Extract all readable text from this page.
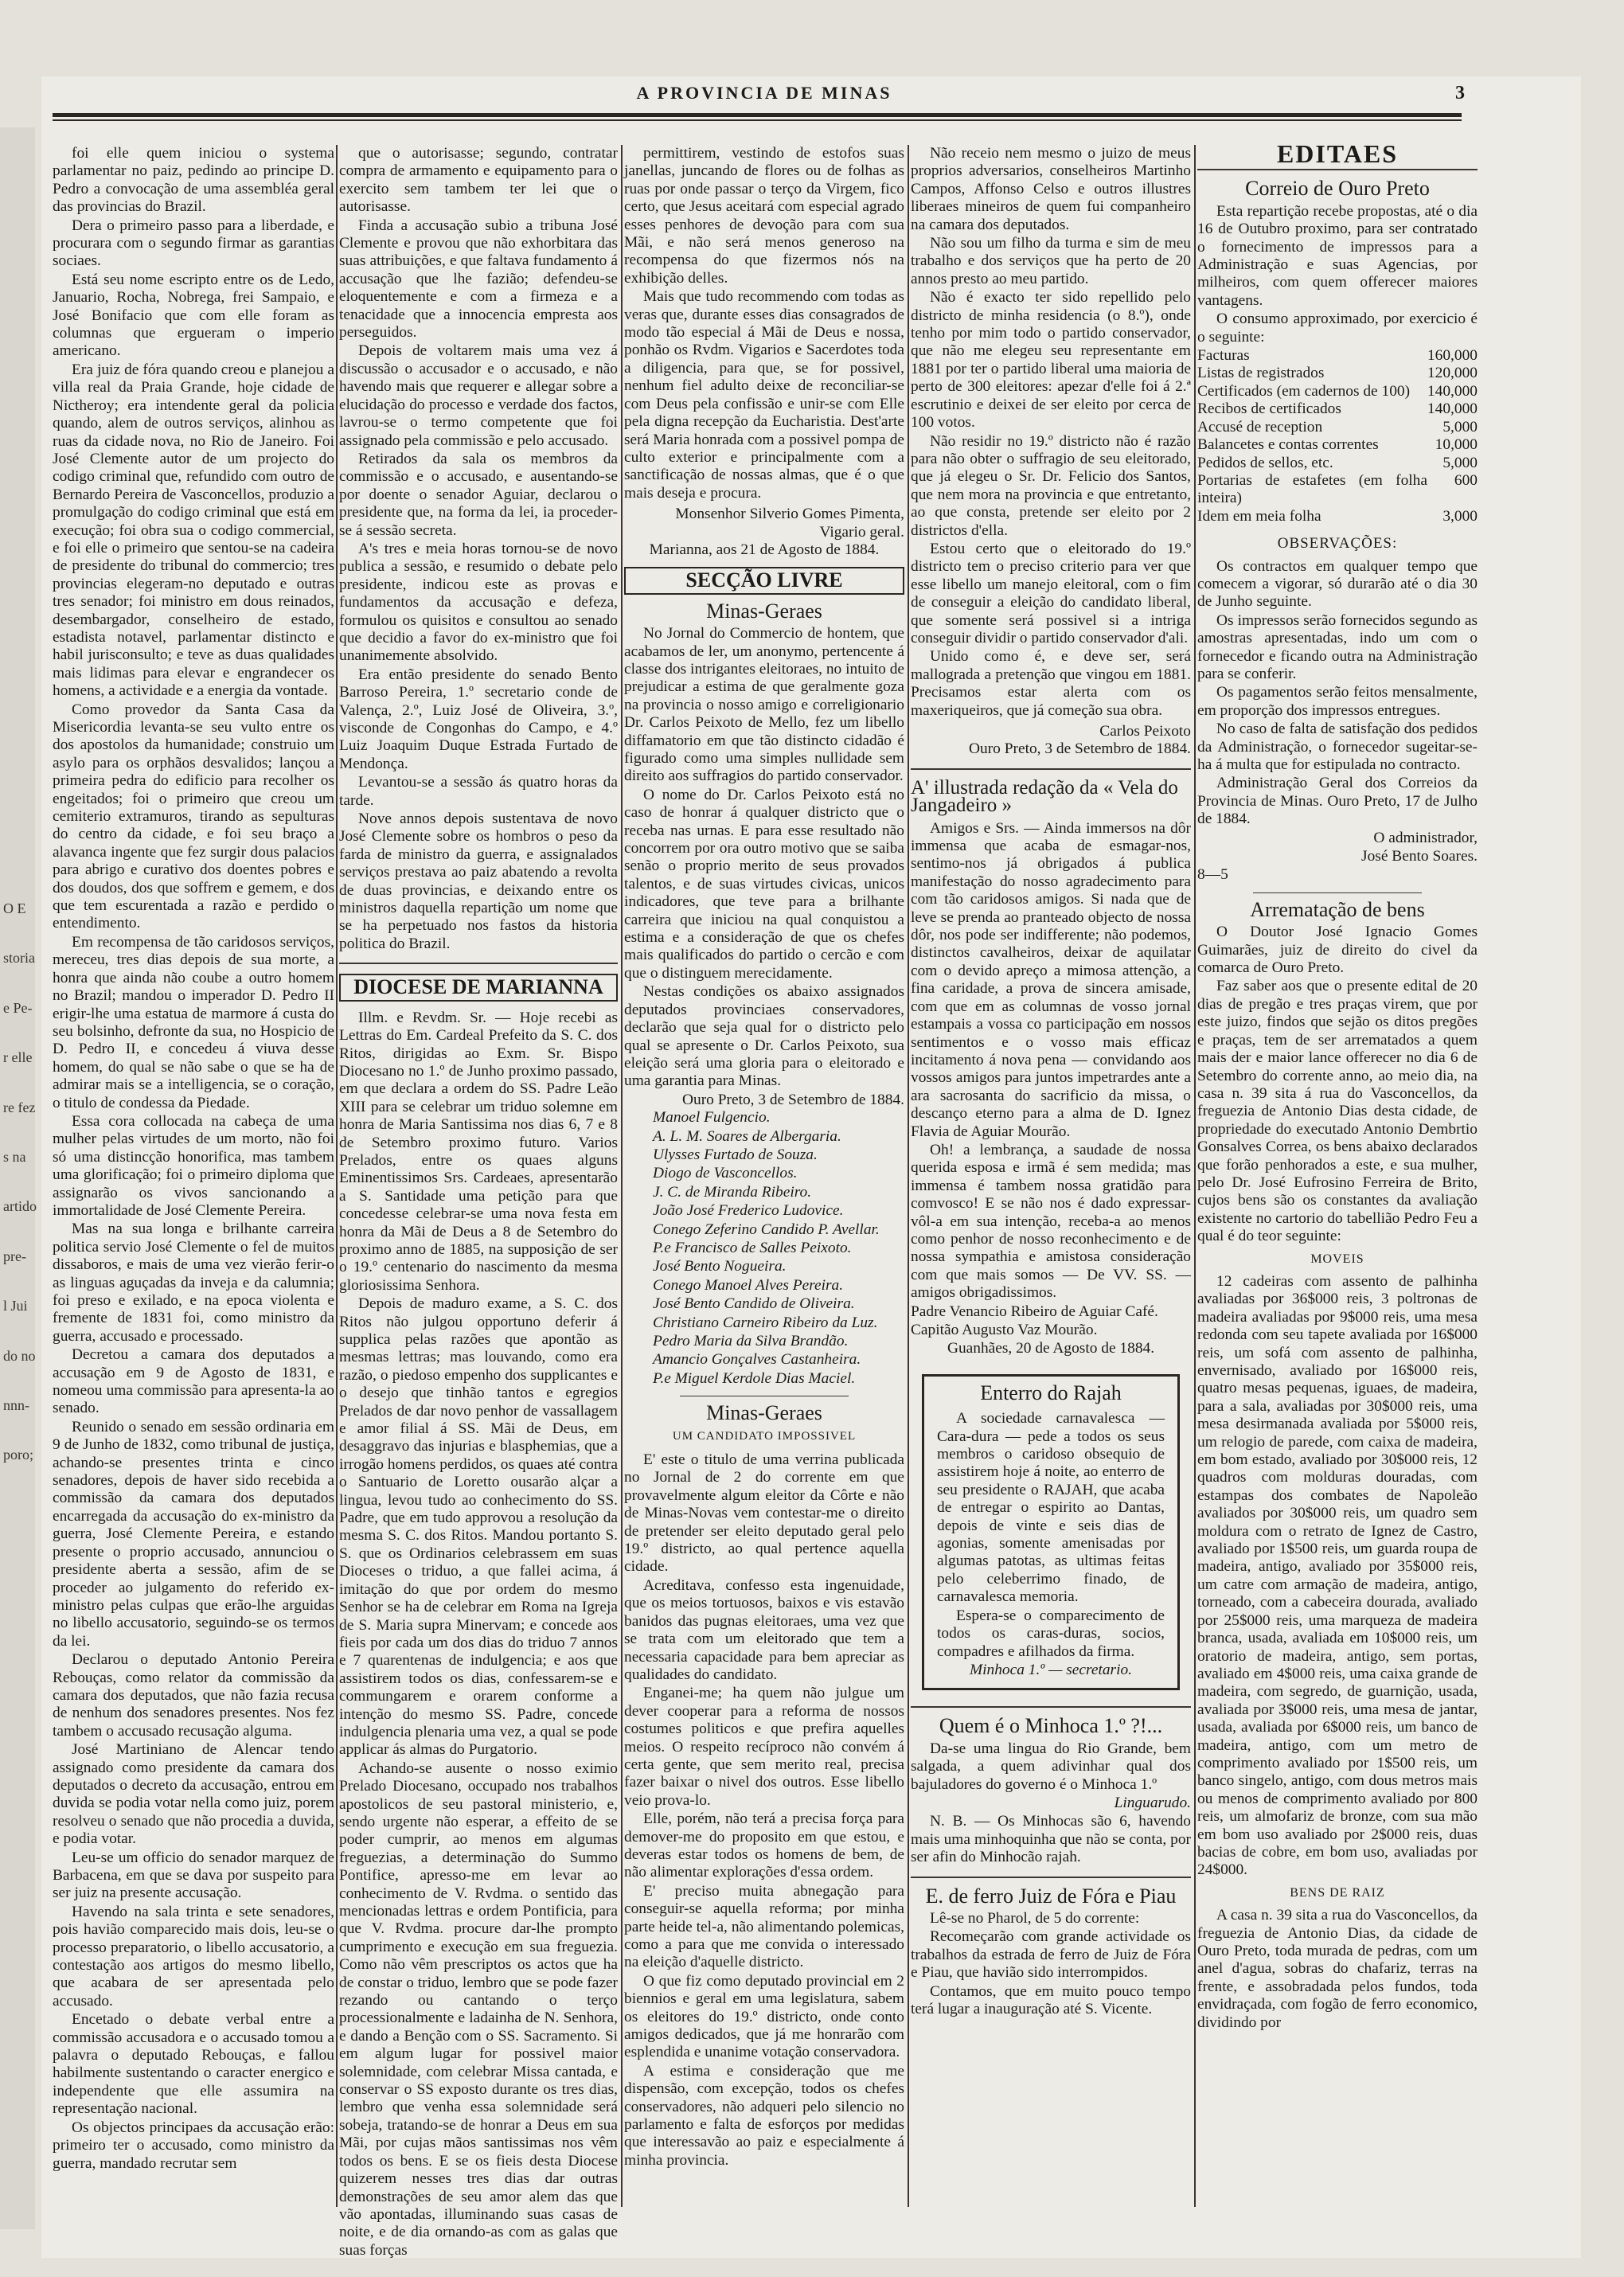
O E
storia
e Pe-
r elle
re fez
s na
artido
pre-
l Jui
do no
nnn-
poro;
A PROVINCIA DE MINAS	3

foi elle quem iniciou o systema parlamentar no paiz, pedindo ao principe D. Pedro a convocação de uma assembléa geral das provincias do Brazil.

Dera o primeiro passo para a liberdade, e procurara com o segundo firmar as garantias sociaes.

Está seu nome escripto entre os de Ledo, Januario, Rocha, Nobrega, frei Sampaio, e José Bonifacio que com elle foram as columnas que ergueram o imperio americano.

Era juiz de fóra quando creou e planejou a villa real da Praia Grande, hoje cidade de Nictheroy; era intendente geral da policia quando, alem de outros serviços, alinhou as ruas da cidade nova, no Rio de Janeiro. Foi José Clemente autor de um projecto do codigo criminal que, refundido com outro de Bernardo Pereira de Vasconcellos, produzio a promulgação do codigo criminal que está em execução; foi obra sua o codigo commercial, e foi elle o primeiro que sentou-se na cadeira de presidente do tribunal do commercio; tres provincias elegeram-no deputado e outras tres senador; foi ministro em dous reinados, desembargador, conselheiro de estado, estadista notavel, parlamentar distincto e habil jurisconsulto; e teve as duas qualidades mais lidimas para elevar e engrandecer os homens, a actividade e a energia da vontade.

Como provedor da Santa Casa da Misericordia levanta-se seu vulto entre os dos apostolos da humanidade; construio um asylo para os orphãos desvalidos; lançou a primeira pedra do edificio para recolher os engeitados; foi o primeiro que creou um cemiterio extramuros, tirando as sepulturas do centro da cidade, e foi seu braço a alavanca ingente que fez surgir dous palacios para abrigo e curativo dos doentes pobres e dos doudos, dos que soffrem e gemem, e dos que tem escurentada a razão e perdido o entendimento.

Em recompensa de tão caridosos serviços, mereceu, tres dias depois de sua morte, a honra que ainda não coube a outro homem no Brazil; mandou o imperador D. Pedro II erigir-lhe uma estatua de marmore á custa do seu bolsinho, defronte da sua, no Hospicio de D. Pedro II, e concedeu á viuva desse homem, do qual se não sabe o que se ha de admirar mais se a intelligencia, se o coração, o titulo de condessa da Piedade.

Essa cora collocada na cabeça de uma mulher pelas virtudes de um morto, não foi só uma distincção honorifica, mas tambem uma glorificação; foi o primeiro diploma que assignarão os vivos sancionando a immortalidade de José Clemente Pereira.

Mas na sua longa e brilhante carreira politica servio José Clemente o fel de muitos dissaboros, e mais de uma vez vierão ferir-o as linguas aguçadas da inveja e da calumnia; foi preso e exilado, e na epoca violenta e fremente de 1831 foi, como ministro da guerra, accusado e processado.

Decretou a camara dos deputados a accusação em 9 de Agosto de 1831, e nomeou uma commissão para apresenta-la ao senado.

Reunido o senado em sessão ordinaria em 9 de Junho de 1832, como tribunal de justiça, achando-se presentes trinta e cinco senadores, depois de haver sido recebida a commissão da camara dos deputados encarregada da accusação do ex-ministro da guerra, José Clemente Pereira, e estando presente o proprio accusado, annunciou o presidente aberta a sessão, afim de se proceder ao julgamento do referido ex-ministro pelas culpas que erão-lhe arguidas no libello accusatorio, seguindo-se os termos da lei.

Declarou o deputado Antonio Pereira Rebouças, como relator da commissão da camara dos deputados, que não fazia recusa de nenhum dos senadores presentes. Nos fez tambem o accusado recusação alguma.

José Martiniano de Alencar tendo assignado como presidente da camara dos deputados o decreto da accusação, entrou em duvida se podia votar nella como juiz, porem resolveu o senado que não procedia a duvida, e podia votar.

Leu-se um officio do senador marquez de Barbacena, em que se dava por suspeito para ser juiz na presente accusação.

Havendo na sala trinta e sete senadores, pois havião comparecido mais dois, leu-se o processo preparatorio, o libello accusatorio, a contestação aos artigos do mesmo libello, que acabara de ser apresentada pelo accusado.

Encetado o debate verbal entre a commissão accusadora e o accusado tomou a palavra o deputado Rebouças, e fallou habilmente sustentando o caracter energico e independente que elle assumira na representação nacional.

Os objectos principaes da accusação erão: primeiro ter o accusado, como ministro da guerra, mandado recrutar sem

que o autorisasse; segundo, contratar compra de armamento e equipamento para o exercito sem tambem ter lei que o autorisasse.

Finda a accusação subio a tribuna José Clemente e provou que não exhorbitara das suas attribuições, e que faltava fundamento á accusação que lhe fazião; defendeu-se eloquentemente e com a firmeza e a tenacidade que a innocencia empresta aos perseguidos.

Depois de voltarem mais uma vez á discussão o accusador e o accusado, e não havendo mais que requerer e allegar sobre a elucidação do processo e verdade dos factos, lavrou-se o termo competente que foi assignado pela commissão e pelo accusado.

Retirados da sala os membros da commissão e o accusado, e ausentando-se por doente o senador Aguiar, declarou o presidente que, na forma da lei, ia proceder-se á sessão secreta.

A's tres e meia horas tornou-se de novo publica a sessão, e resumido o debate pelo presidente, indicou este as provas e fundamentos da accusação e defeza, formulou os quisitos e consultou ao senado que decidio a favor do ex-ministro que foi unanimemente absolvido.

Era então presidente do senado Bento Barroso Pereira, 1.º secretario conde de Valença, 2.º, Luiz José de Oliveira, 3.º, visconde de Congonhas do Campo, e 4.º Luiz Joaquim Duque Estrada Furtado de Mendonça.

Levantou-se a sessão ás quatro horas da tarde.

Nove annos depois sustentava de novo José Clemente sobre os hombros o peso da farda de ministro da guerra, e assignalados serviços prestava ao paiz abatendo a revolta de duas provincias, e deixando entre os ministros daquella repartição um nome que se ha perpetuado nos fastos da historia politica do Brazil.

DIOCESE DE MARIANNA

Illm. e Revdm. Sr. — Hoje recebi as Lettras do Em. Cardeal Prefeito da S. C. dos Ritos, dirigidas ao Exm. Sr. Bispo Diocesano no 1.º de Junho proximo passado, em que declara a ordem do SS. Padre Leão XIII para se celebrar um triduo solemne em honra de Maria Santissima nos dias 6, 7 e 8 de Setembro proximo futuro. Varios Prelados, entre os quaes alguns Eminentissimos Srs. Cardeaes, apresentarão a S. Santidade uma petição para que concedesse celebrar-se uma nova festa em honra da Mãi de Deus a 8 de Setembro do proximo anno de 1885, na supposição de ser o 19.º centenario do nascimento da mesma gloriosissima Senhora.

Depois de maduro exame, a S. C. dos Ritos não julgou opportuno deferir á supplica pelas razões que apontão as mesmas lettras; mas louvando, como era razão, o piedoso empenho dos supplicantes e o desejo que tinhão tantos e egregios Prelados de dar novo penhor de vassallagem e amor filial á SS. Mãi de Deus, em desaggravo das injurias e blasphemias, que a irrogão homens perdidos, os quaes até contra o Santuario de Loretto ousarão alçar a lingua, levou tudo ao conhecimento do SS. Padre, que em tudo approvou a resolução da mesma S. C. dos Ritos. Mandou portanto S. S. que os Ordinarios celebrassem em suas Dioceses o triduo, a que fallei acima, á imitação do que por ordem do mesmo Senhor se ha de celebrar em Roma na Igreja de S. Maria supra Minervam; e concede aos fieis por cada um dos dias do triduo 7 annos e 7 quarentenas de indulgencia; e aos que assistirem todos os dias, confessarem-se e commungarem e orarem conforme a intenção do mesmo SS. Padre, concede indulgencia plenaria uma vez, a qual se pode applicar ás almas do Purgatorio.

Achando-se ausente o nosso eximio Prelado Diocesano, occupado nos trabalhos apostolicos de seu pastoral ministerio, e, sendo urgente não esperar, a effeito de se poder cumprir, ao menos em algumas freguezias, a determinação do Summo Pontifice, apresso-me em levar ao conhecimento de V. Rvdma. o sentido das mencionadas lettras e ordem Pontificia, para que V. Rvdma. procure dar-lhe prompto cumprimento e execução em sua freguezia. Como não vêm prescriptos os actos que ha de constar o triduo, lembro que se pode fazer rezando ou cantando o terço processionalmente e ladainha de N. Senhora, e dando a Benção com o SS. Sacramento. Si em algum lugar for possivel maior solemnidade, com celebrar Missa cantada, e conservar o SS exposto durante os tres dias, lembro que venha essa solemnidade será sobeja, tratando-se de honrar a Deus em sua Mãi, por cujas mãos santissimas nos vêm todos os bens. E se os fieis desta Diocese quizerem nesses tres dias dar outras demonstrações de seu amor alem das que vão apontadas, illuminando suas casas de noite, e de dia ornando-as com as galas que suas forças

permittirem, vestindo de estofos suas janellas, juncando de flores ou de folhas as ruas por onde passar o terço da Virgem, fico certo, que Jesus aceitará com especial agrado esses penhores de devoção para com sua Mãi, e não será menos generoso na recompensa do que fizermos nós na exhibição delles.

Mais que tudo recommendo com todas as veras que, durante esses dias consagrados de modo tão especial á Mãi de Deus e nossa, ponhão os Rvdm. Vigarios e Sacerdotes toda a diligencia, para que, se for possivel, nenhum fiel adulto deixe de reconciliar-se com Deus pela confissão e unir-se com Elle pela digna recepção da Eucharistia. Dest'arte será Maria honrada com a possivel pompa de culto exterior e principalmente com a sanctificação de nossas almas, que é o que mais deseja e procura.

Monsenhor Silverio Gomes Pimenta,
Vigario geral.
Marianna, aos 21 de Agosto de 1884.
SECÇÃO LIVRE
Minas-Geraes

No Jornal do Commercio de hontem, que acabamos de ler, um anonymo, pertencente á classe dos intrigantes eleitoraes, no intuito de prejudicar a estima de que geralmente goza na provincia o nosso amigo e correligionario Dr. Carlos Peixoto de Mello, fez um libello diffamatorio em que tão distincto cidadão é figurado como uma simples nullidade sem direito aos suffragios do partido conservador.

O nome do Dr. Carlos Peixoto está no caso de honrar á qualquer districto que o receba nas urnas. E para esse resultado não concorrem por ora outro motivo que se saiba senão o proprio merito de seus provados talentos, e de suas virtudes civicas, unicos indicadores, que teve para a brilhante carreira que iniciou na qual conquistou a estima e a consideração de que os chefes mais qualificados do partido o cercão e com que o distinguem merecidamente.

Nestas condições os abaixo assignados deputados provinciaes conservadores, declarão que seja qual for o districto pelo qual se apresente o Dr. Carlos Peixoto, sua eleição será uma gloria para o eleitorado e uma garantia para Minas.

Ouro Preto, 3 de Setembro de 1884.

Manoel Fulgencio.

A. L. M. Soares de Albergaria.

Ulysses Furtado de Souza.

Diogo de Vasconcellos.

J. C. de Miranda Ribeiro.

João José Frederico Ludovice.

Conego Zeferino Candido P. Avellar.

P.e Francisco de Salles Peixoto.

José Bento Nogueira.

Conego Manoel Alves Pereira.

José Bento Candido de Oliveira.

Christiano Carneiro Ribeiro da Luz.

Pedro Maria da Silva Brandão.

Amancio Gonçalves Castanheira.

P.e Miguel Kerdole Dias Maciel.

Minas-Geraes
UM CANDIDATO IMPOSSIVEL

E' este o titulo de uma verrina publicada no Jornal de 2 do corrente em que provavelmente algum eleitor da Côrte e não de Minas-Novas vem contestar-me o direito de pretender ser eleito deputado geral pelo 19.º districto, ao qual pertence aquella cidade.

Acreditava, confesso esta ingenuidade, que os meios tortuosos, baixos e vis estavão banidos das pugnas eleitoraes, uma vez que se trata com um eleitorado que tem a necessaria capacidade para bem apreciar as qualidades do candidato.

Enganei-me; ha quem não julgue um dever cooperar para a reforma de nossos costumes politicos e que prefira aquelles meios. O respeito recíproco não convém á certa gente, que sem merito real, precisa fazer baixar o nivel dos outros. Esse libello veio prova-lo.

Elle, porém, não terá a precisa força para demover-me do proposito em que estou, e deveras estar todos os homens de bem, de não alimentar explorações d'essa ordem.

E' preciso muita abnegação para conseguir-se aquella reforma; por minha parte heide tel-a, não alimentando polemicas, como a para que me convida o interessado na eleição d'aquelle districto.

O que fiz como deputado provincial em 2 biennios e geral em uma legislatura, sabem os eleitores do 19.º districto, onde conto amigos dedicados, que já me honrarão com esplendida e unanime votação conservadora.

A estima e consideração que me dispensão, com excepção, todos os chefes conservadores, não adqueri pelo silencio no parlamento e falta de esforços por medidas que interessavão ao paiz e especialmente á minha provincia.

Não receio nem mesmo o juizo de meus proprios adversarios, conselheiros Martinho Campos, Affonso Celso e outros illustres liberaes mineiros de quem fui companheiro na camara dos deputados.

Não sou um filho da turma e sim de meu trabalho e dos serviços que ha perto de 20 annos presto ao meu partido.

Não é exacto ter sido repellido pelo districto de minha residencia (o 8.º), onde tenho por mim todo o partido conservador, que não me elegeu seu representante em 1881 por ter o partido liberal uma maioria de perto de 300 eleitores: apezar d'elle foi á 2.ª escrutinio e deixei de ser eleito por cerca de 100 votos.

Não residir no 19.º districto não é razão para não obter o suffragio de seu eleitorado, que já elegeu o Sr. Dr. Felicio dos Santos, que nem mora na provincia e que entretanto, ao que consta, pretende ser eleito por 2 districtos d'ella.

Estou certo que o eleitorado do 19.º districto tem o preciso criterio para ver que esse libello um manejo eleitoral, com o fim de conseguir a eleição do candidato liberal, que somente será possivel si a intriga conseguir dividir o partido conservador d'ali.

Unido como é, e deve ser, será mallograda a pretenção que vingou em 1881. Precisamos estar alerta com os maxeriqueiros, que já começão sua obra.

Carlos Peixoto
Ouro Preto, 3 de Setembro de 1884.
A' illustrada redação da « Vela do Jangadeiro »

Amigos e Srs. — Ainda immersos na dôr immensa que acaba de esmagar-nos, sentimo-nos já obrigados á publica manifestação do nosso agradecimento para com tão caridosos amigos. Si nada que de leve se prenda ao pranteado objecto de nossa dôr, nos pode ser indifferente; não podemos, distinctos cavalheiros, deixar de aquilatar com o devido apreço a mimosa attenção, a fina caridade, a prova de sincera amisade, com que em as columnas de vosso jornal estampais a vossa co participação em nossos sentimentos e o vosso mais efficaz incitamento á nova pena — convidando aos vossos amigos para juntos impetrardes ante a ara sacrosanta do sacrificio da missa, o descanço eterno para a alma de D. Ignez Flavia de Aguiar Mourão.

Oh! a lembrança, a saudade de nossa querida esposa e irmã é sem medida; mas immensa é tambem nossa gratidão para comvosco! E se não nos é dado expressar-vôl-a em sua intenção, receba-a ao menos como penhor de nosso reconhecimento e de nossa sympathia e amistosa consideração com que mais somos — De VV. SS. — amigos obrigadissimos.

Padre Venancio Ribeiro de Aguiar Café.

Capitão Augusto Vaz Mourão.

Guanhães, 20 de Agosto de 1884.

Enterro do Rajah

A sociedade carnavalesca — Cara-dura — pede a todos os seus membros o caridoso obsequio de assistirem hoje á noite, ao enterro de seu presidente o RAJAH, que acaba de entregar o espirito ao Dantas, depois de vinte e seis dias de agonias, somente amenisadas por algumas patotas, as ultimas feitas pelo celeberrimo finado, de carnavalesca memoria.

Espera-se o comparecimento de todos os caras-duras, socios, compadres e afilhados da firma.

Minhoca 1.º — secretario.

Quem é o Minhoca 1.º ?!...

Da-se uma lingua do Rio Grande, bem salgada, a quem adivinhar qual dos bajuladores do governo é o Minhoca 1.º

Linguarudo.

N. B. — Os Minhocas são 6, havendo mais uma minhoquinha que não se conta, por ser afin do Minhocão rajah.

E. de ferro Juiz de Fóra e Piau

Lê-se no Pharol, de 5 do corrente:

Recomeçarão com grande actividade os trabalhos da estrada de ferro de Juiz de Fóra e Piau, que havião sido interrompidos.

Contamos, que em muito pouco tempo terá lugar a inauguração até S. Vicente.

EDITAES
Correio de Ouro Preto

Esta repartição recebe propostas, até o dia 16 de Outubro proximo, para ser contratado o fornecimento de impressos para a Administração e suas Agencias, por milheiros, com quem offerecer maiores vantagens.

O consumo approximado, por exercicio é o seguinte:

Facturas	160,000
Listas de registrados	120,000
Certificados (em cadernos de 100)	140,000
Recibos de certificados	140,000
Accusé de reception	5,000
Balancetes e contas correntes	10,000
Pedidos de sellos, etc.	5,000
Portarias de estafetes (em folha inteira)	600
Idem em meia folha	3,000
OBSERVAÇÕES:

Os contractos em qualquer tempo que comecem a vigorar, só durarão até o dia 30 de Junho seguinte.

Os impressos serão fornecidos segundo as amostras apresentadas, indo um com o fornecedor e ficando outra na Administração para se conferir.

Os pagamentos serão feitos mensalmente, em proporção dos impressos entregues.

No caso de falta de satisfação dos pedidos da Administração, o fornecedor sugeitar-se-ha á multa que for estipulada no contracto.

Administração Geral dos Correios da Provincia de Minas. Ouro Preto, 17 de Julho de 1884.

O administrador,

José Bento Soares.

8—5

Arrematação de bens

O Doutor José Ignacio Gomes Guimarães, juiz de direito do civel da comarca de Ouro Preto.

Faz saber aos que o presente edital de 20 dias de pregão e tres praças virem, que por este juizo, findos que sejão os ditos pregões e praças, tem de ser arrematados a quem mais der e maior lance offerecer no dia 6 de Setembro do corrente anno, ao meio dia, na casa n. 39 sita á rua do Vasconcellos, da freguezia de Antonio Dias desta cidade, de propriedade do executado Antonio Dembrtio Gonsalves Correa, os bens abaixo declarados que forão penhorados a este, e sua mulher, pelo Dr. José Eufrosino Ferreira de Brito, cujos bens são os constantes da avaliação existente no cartorio do tabellião Pedro Feu a qual é do teor seguinte:

MOVEIS

12 cadeiras com assento de palhinha avaliadas por 36$000 reis, 3 poltronas de madeira avaliadas por 9$000 reis, uma mesa redonda com seu tapete avaliada por 16$000 reis, um sofá com assento de palhinha, envernisado, avaliado por 16$000 reis, quatro mesas pequenas, iguaes, de madeira, para a sala, avaliadas por 30$000 reis, uma mesa desirmanada avaliada por 5$000 reis, um relogio de parede, com caixa de madeira, em bom estado, avaliado por 30$000 reis, 12 quadros com molduras douradas, com estampas dos combates de Napoleão avaliados por 30$000 reis, um quadro sem moldura com o retrato de Ignez de Castro, avaliado por 1$500 reis, um guarda roupa de madeira, antigo, avaliado por 35$000 reis, um catre com armação de madeira, antigo, torneado, com a cabeceira dourada, avaliado por 25$000 reis, uma marqueza de madeira branca, usada, avaliada em 10$000 reis, um oratorio de madeira, antigo, sem portas, avaliado em 4$000 reis, uma caixa grande de madeira, com segredo, de guarnição, usada, avaliada por 3$000 reis, uma mesa de jantar, usada, avaliada por 6$000 reis, um banco de madeira, antigo, com um metro de comprimento avaliado por 1$500 reis, um banco singelo, antigo, com dous metros mais ou menos de comprimento avaliado por 800 reis, um almofariz de bronze, com sua mão em bom uso avaliado por 2$000 reis, duas bacias de cobre, em bom uso, avaliadas por 24$000.

BENS DE RAIZ

A casa n. 39 sita a rua do Vasconcellos, da freguezia de Antonio Dias, da cidade de Ouro Preto, toda murada de pedras, com um anel d'agua, sobras do chafariz, terras na frente, e assobradada pelos fundos, toda envidraçada, com fogão de ferro economico, dividindo por
